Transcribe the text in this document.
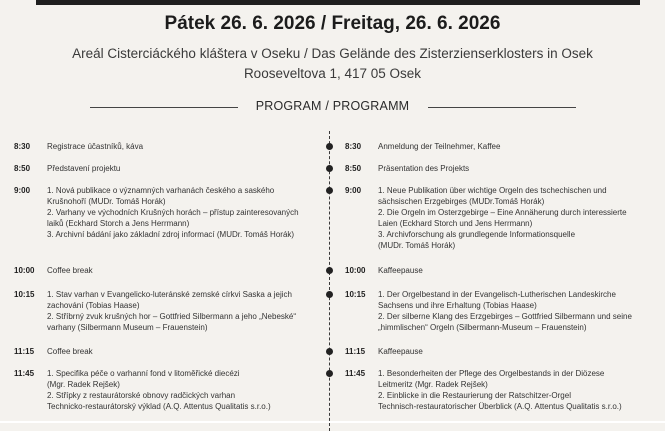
Pátek 26. 6. 2026 / Freitag, 26. 6. 2026
Areál Cisterciáckého kláštera v Oseku / Das Gelände des Zisterzienserklosters in Osek
Rooseveltova 1, 417 05 Osek
PROGRAM / PROGRAMM
8:30 Registrace účastníků, káva
8:50 Představení projektu
9:00 1. Nová publikace o významných varhanách českého a saského
Krušnohoří (MUDr. Tomáš Horák)
2. Varhany ve východních Krušných horách – přístup zainteresovaných
laiků (Eckhard Storch a Jens Herrmann)
3. Archivní bádání jako základní zdroj informací (MUDr. Tomáš Horák)
10:00 Coffee break
10:15 1. Stav varhan v Evangelicko-luteránské zemské církvi Saska a jejich
zachování (Tobias Haase)
2. Stříbrný zvuk krušných hor – Gottfried Silbermann a jeho „Nebeské“
varhany (Silbermann Museum – Frauenstein)
11:15 Coffee break
11:45 1. Specifika péče o varhanní fond v litoměřické diecézi
(Mgr. Radek Rejšek)
2. Střípky z restaurátorské obnovy radčických varhan
Technicko-restaurátorský výklad (A.Q. Attentus Qualitatis s.r.o.)
8:30 Anmeldung der Teilnehmer, Kaffee
8:50 Präsentation des Projekts
9:00 1. Neue Publikation über wichtige Orgeln des tschechischen und
sächsischen Erzgebirges (MUDr.Tomáš Horák)
2. Die Orgeln im Osterzgebirge – Eine Annäherung durch interessierte
Laien (Eckhard Storch und Jens Herrmann)
3. Archivforschung als grundlegende Informationsquelle
(MUDr. Tomáš Horák)
10:00 Kaffeepause
10:15 1. Der Orgelbestand in der Evangelisch-Lutherischen Landeskirche
Sachsens und ihre Erhaltung (Tobias Haase)
2. Der silberne Klang des Erzgebirges – Gottfried Silbermann und seine
„himmlischen“ Orgeln (Silbermann-Museum – Frauenstein)
11:15 Kaffeepause
11:45 1. Besonderheiten der Pflege des Orgelbestands in der Diözese
Leitmeritz (Mgr. Radek Rejšek)
2. Einblicke in die Restaurierung der Ratschitzer-Orgel
Technisch-restauratorischer Überblick (A.Q. Attentus Qualitatis s.r.o.)
